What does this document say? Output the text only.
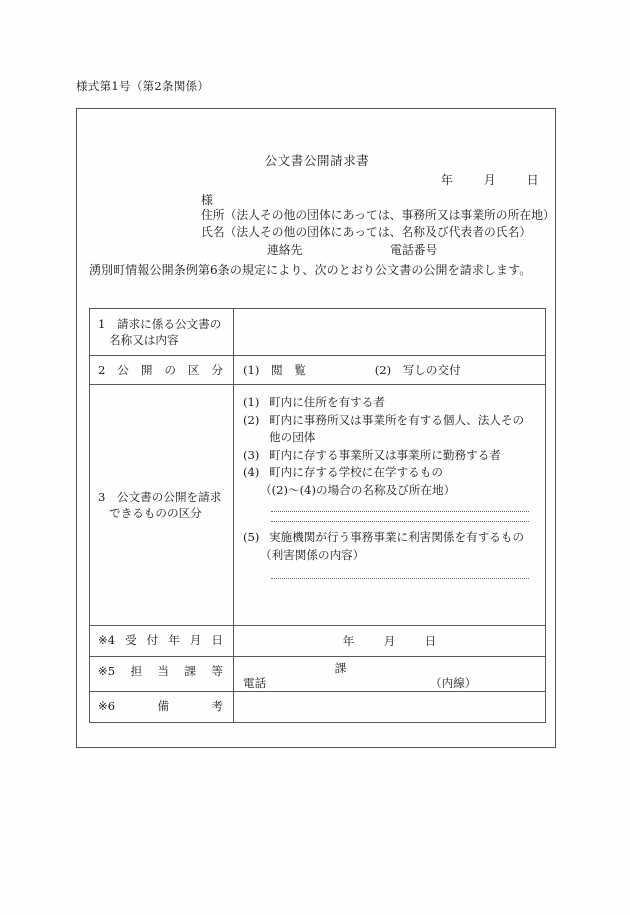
様式第1号（第2条関係）
公文書公開請求書
年	月	日
様
住所（法人その他の団体にあっては、事務所又は事業所の所在地）
氏名（法人その他の団体にあっては、名称及び代表者の氏名）
連絡先	電話番号
湧別町情報公開条例第6条の規定により、次のとおり公文書の公開を請求します。
1　請求に係る公文書の

名称又は内容	

2 公 開 の 区 分	(1)　閲　覧	(2)　写しの交付

3　公文書の公開を請求

できるものの区分

(1) 町内に住所を有する者
(2) 町内に事務所又は事業所を有する個人、法人その
他の団体
(3) 町内に存する事業所又は事業所に勤務する者
(4) 町内に存する学校に在学するもの
（(2)～(4)の場合の名称及び所在地）
(5) 実施機関が行う事務事業に利害関係を有するもの
（利害関係の内容）

※4 受 付 年 月 日	年	月	日

※5 担 当 課 等	課
電話 （内線）

※6 備 考	
